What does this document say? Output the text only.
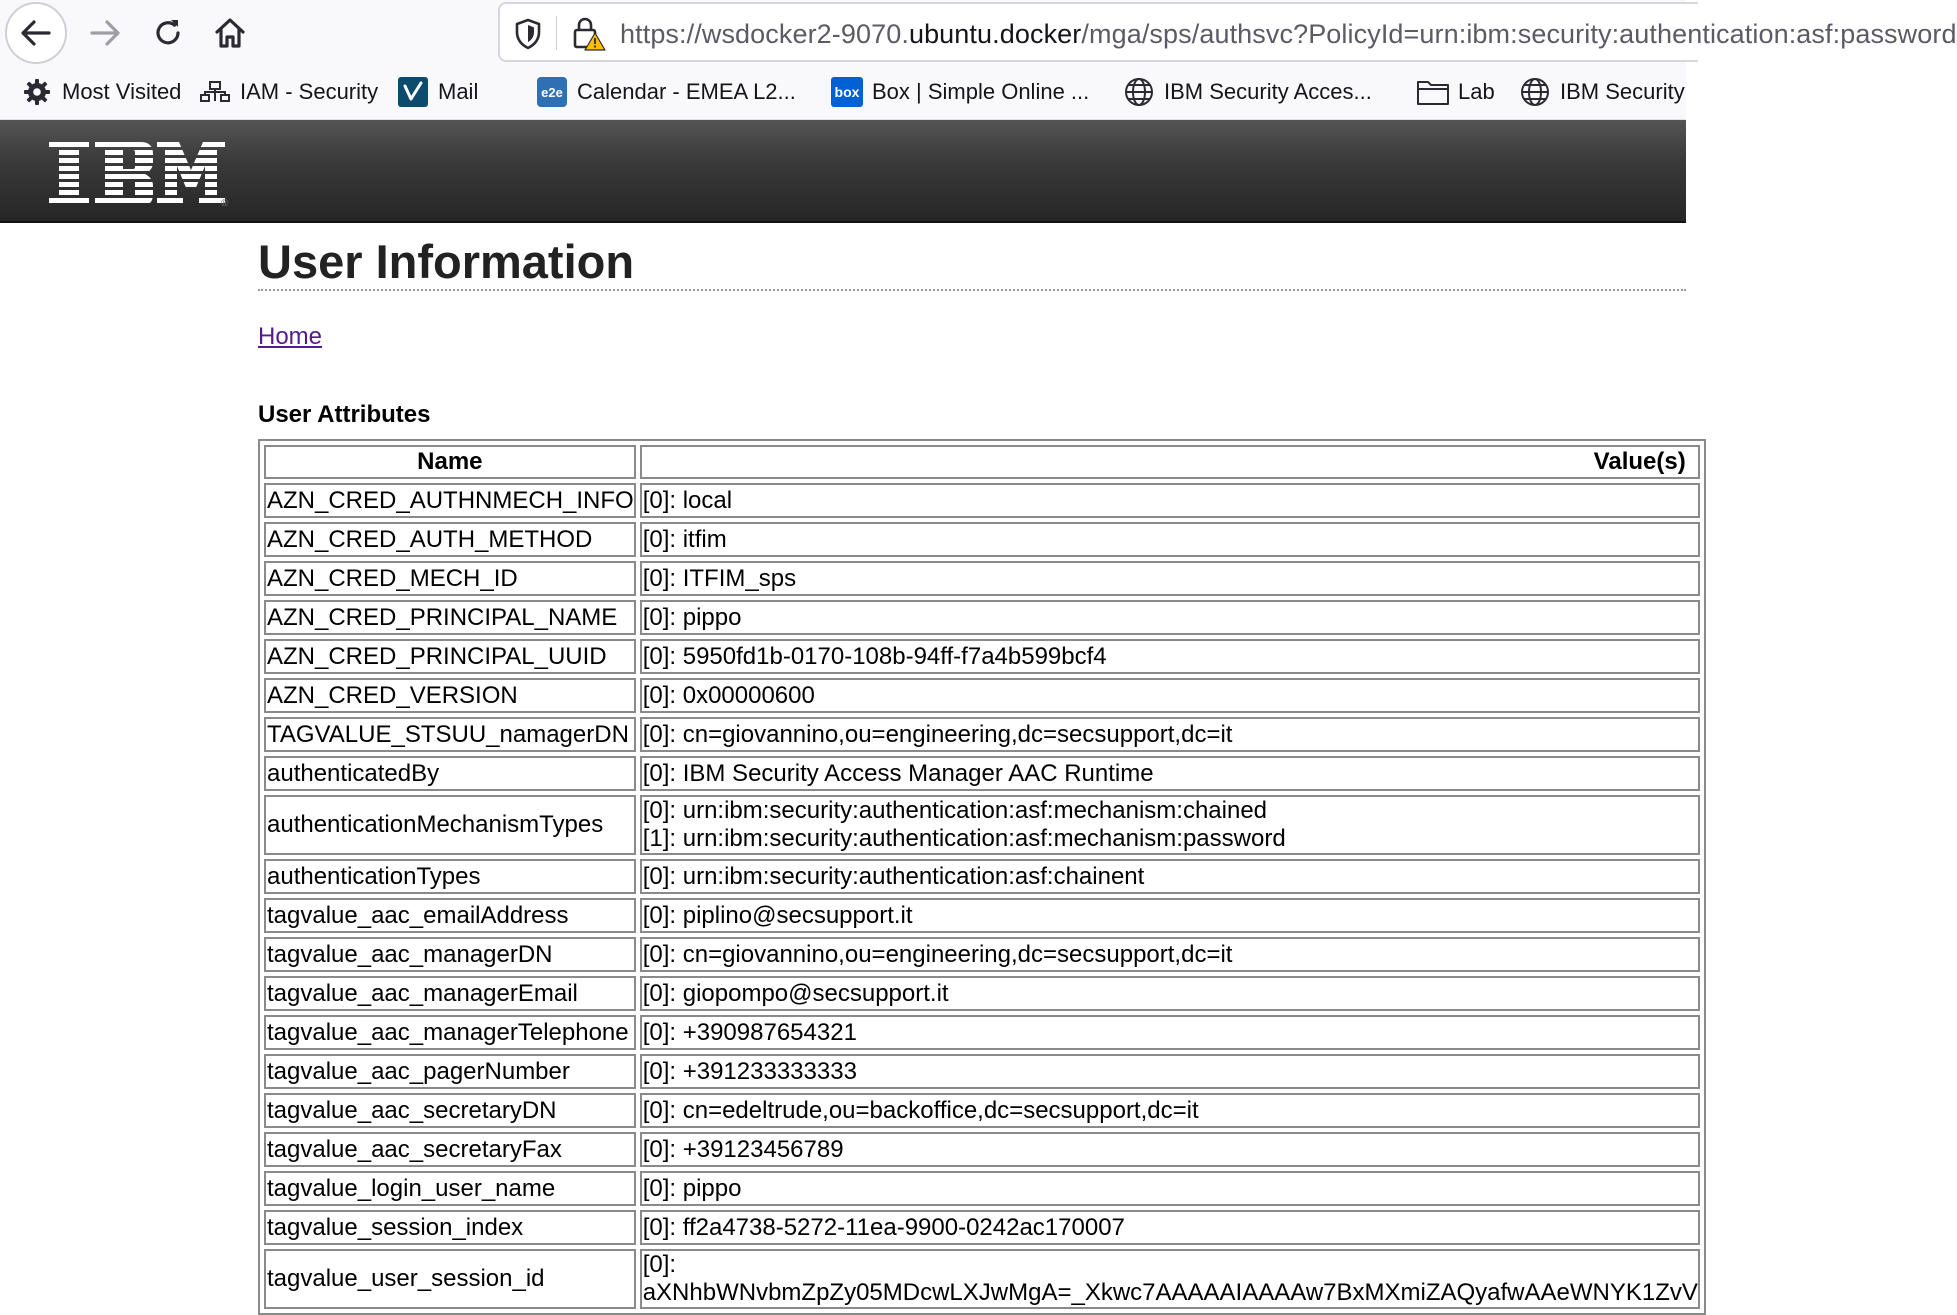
https://wsdocker2-9070.ubuntu.docker/mga/sps/authsvc?PolicyId=urn:ibm:security:authentication:asf:password
Most Visited	IAM - Security	Mail	e2e Calendar - EMEA L2...	box Box | Simple Online ...	IBM Security Acces...	Lab	IBM Security
®
User Information
Home
User Attributes
Name	Value(s)
AZN_CRED_AUTHNMECH_INFO	[0]: local

AZN_CRED_AUTH_METHOD	[0]: itfim

AZN_CRED_MECH_ID	[0]: ITFIM_sps

AZN_CRED_PRINCIPAL_NAME	[0]: pippo

AZN_CRED_PRINCIPAL_UUID	[0]: 5950fd1b-0170-108b-94ff-f7a4b599bcf4

AZN_CRED_VERSION	[0]: 0x00000600

TAGVALUE_STSUU_namagerDN	[0]: cn=giovannino,ou=engineering,dc=secsupport,dc=it

authenticatedBy	[0]: IBM Security Access Manager AAC Runtime

authenticationMechanismTypes	[0]: urn:ibm:security:authentication:asf:mechanism:chained
[1]: urn:ibm:security:authentication:asf:mechanism:password

authenticationTypes	[0]: urn:ibm:security:authentication:asf:chainent

tagvalue_aac_emailAddress	[0]: piplino@secsupport.it

tagvalue_aac_managerDN	[0]: cn=giovannino,ou=engineering,dc=secsupport,dc=it

tagvalue_aac_managerEmail	[0]: giopompo@secsupport.it

tagvalue_aac_managerTelephone	[0]: +390987654321

tagvalue_aac_pagerNumber	[0]: +391233333333

tagvalue_aac_secretaryDN	[0]: cn=edeltrude,ou=backoffice,dc=secsupport,dc=it

tagvalue_aac_secretaryFax	[0]: +39123456789

tagvalue_login_user_name	[0]: pippo

tagvalue_session_index	[0]: ff2a4738-5272-11ea-9900-0242ac170007

tagvalue_user_session_id	[0]:
aXNhbWNvbmZpZy05MDcwLXJwMgA=_Xkwc7AAAAAIAAAAw7BxMXmiZAQyafwAAeWNYK1ZvV
